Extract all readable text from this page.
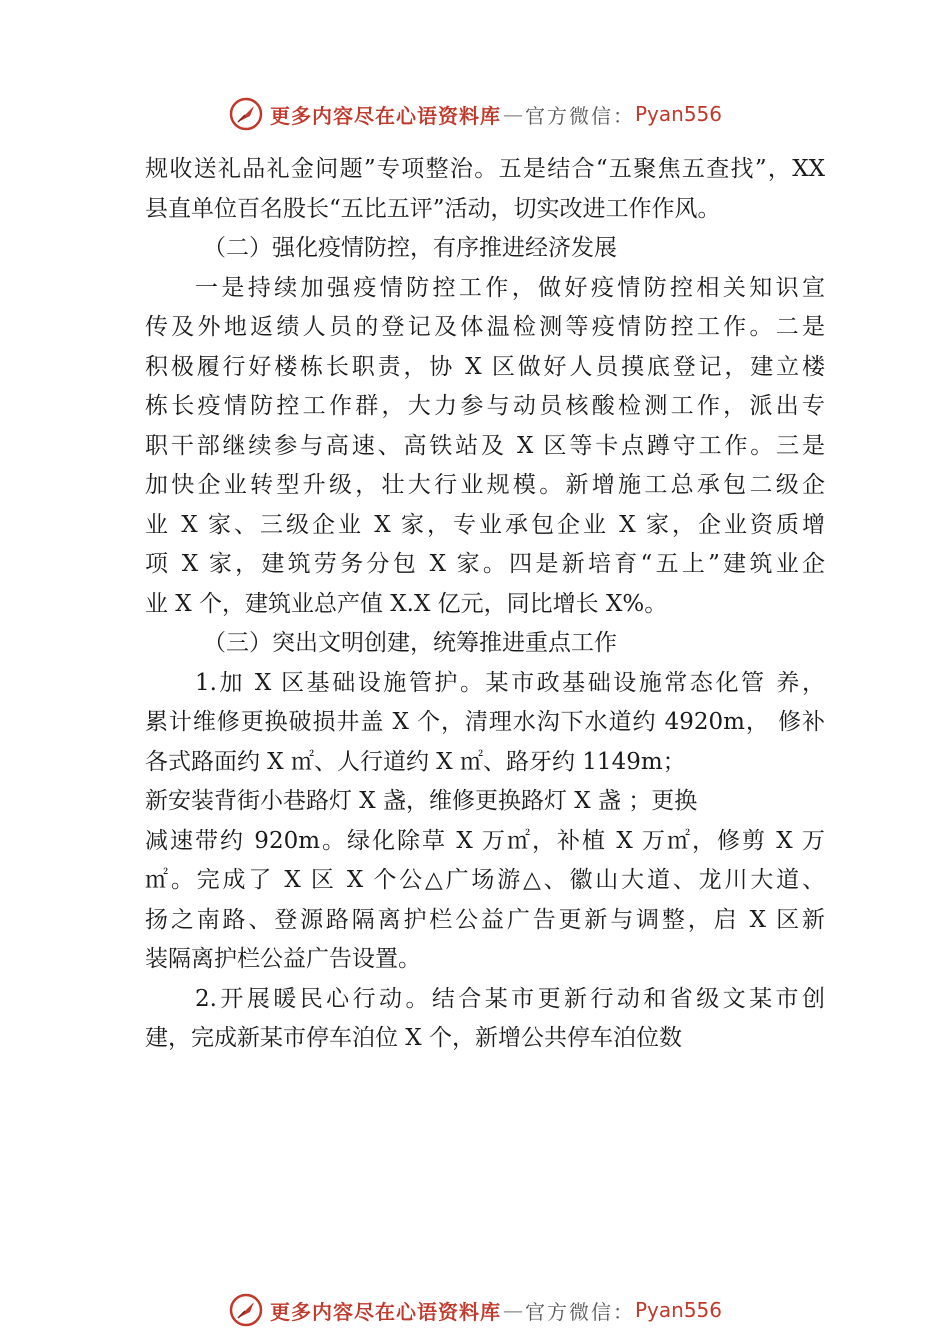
更多内容尽在心语资料库 — 官方微信： Pyan556
规收送礼品礼金问题”专项整治。五是结合“五聚焦五查找”，XX
县直单位百名股长“五比五评”活动，切实改进工作作风。
（二）强化疫情防控，有序推进经济发展
一是持续加强疫情防控工作，做好疫情防控相关知识宣
传及外地返绩人员的登记及体温检测等疫情防控工作。二是
积极履行好楼栋长职责，协 X 区做好人员摸底登记，建立楼
栋长疫情防控工作群，大力参与动员核酸检测工作，派出专
职干部继续参与高速、高铁站及 X 区等卡点蹲守工作。三是
加快企业转型升级，壮大行业规模。新增施工总承包二级企
业 X 家、三级企业 X 家，专业承包企业 X 家，企业资质增
项 X 家，建筑劳务分包 X 家。四是新培育“五上”建筑业企
业 X 个，建筑业总产值 X.X 亿元，同比增长 X%。
（三）突出文明创建，统筹推进重点工作
1.加 X 区基础设施管护。某市政基础设施常态化管 养，
累计维修更换破损井盖 X 个，清理水沟下水道约 4920m， 修补
各式路面约 X ㎡、人行道约 X ㎡、路牙约 1149m；
新安装背街小巷路灯 X 盏，维修更换路灯 X 盏 ；更换
减速带约 920m。绿化除草 X 万㎡，补植 X 万㎡，修剪 X 万
㎡。完成了 X 区 X 个公△广场游△、徽山大道、龙川大道、
扬之南路、登源路隔离护栏公益广告更新与调整，启 X 区新
装隔离护栏公益广告设置。
2.开展暖民心行动。结合某市更新行动和省级文某市创
建，完成新某市停车泊位 X 个，新增公共停车泊位数
更多内容尽在心语资料库 — 官方微信： Pyan556
